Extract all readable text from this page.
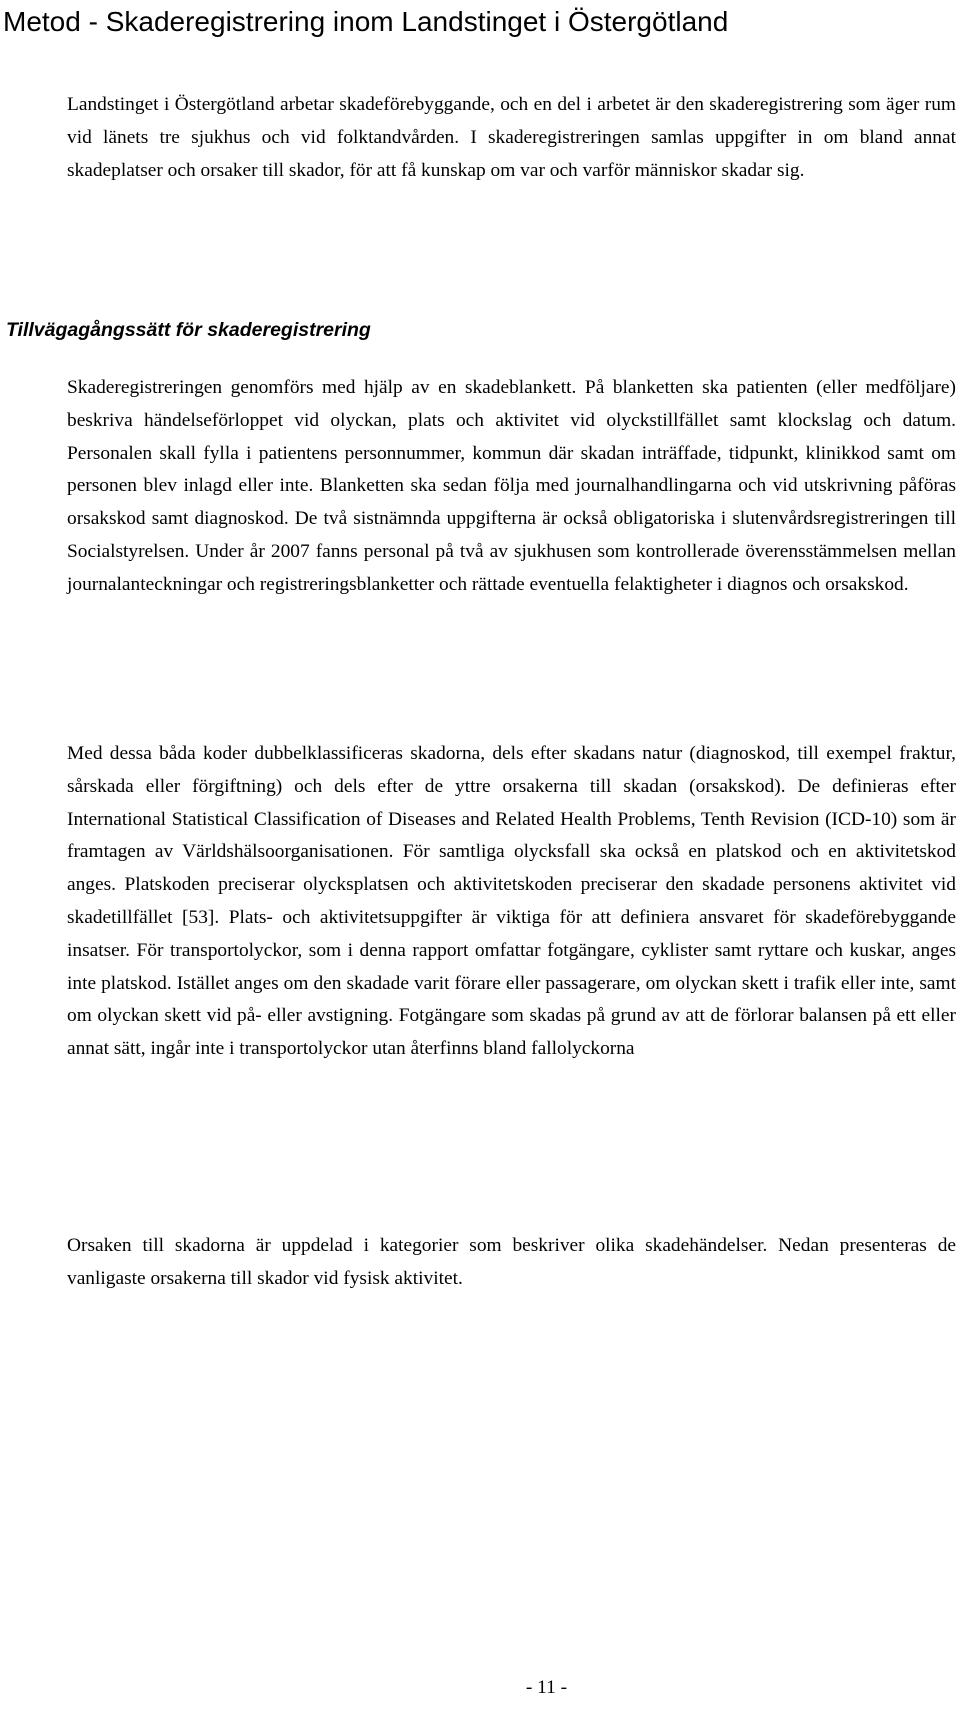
Metod - Skaderegistrering inom Landstinget i Östergötland

Landstinget i Östergötland arbetar skadeförebyggande, och en del i arbetet är den skaderegistrering som äger rum vid länets tre sjukhus och vid folktandvården. I skaderegistreringen samlas uppgifter in om bland annat skadeplatser och orsaker till skador, för att få kunskap om var och varför människor skadar sig.

Tillvägagångssätt för skaderegistrering

Skaderegistreringen genomförs med hjälp av en skadeblankett. På blanketten ska patienten (eller medföljare) beskriva händelseförloppet vid olyckan, plats och aktivitet vid olyckstillfället samt klockslag och datum. Personalen skall fylla i patientens personnummer, kommun där skadan inträffade, tidpunkt, klinikkod samt om personen blev inlagd eller inte. Blanketten ska sedan följa med journalhandlingarna och vid utskrivning påföras orsakskod samt diagnoskod. De två sistnämnda uppgifterna är också obligatoriska i slutenvårdsregistreringen till Socialstyrelsen. Under år 2007 fanns personal på två av sjukhusen som kontrollerade överensstämmelsen mellan journalanteckningar och registreringsblanketter och rättade eventuella felaktigheter i diagnos och orsakskod.

Med dessa båda koder dubbelklassificeras skadorna, dels efter skadans natur (diagnoskod, till exempel fraktur, sårskada eller förgiftning) och dels efter de yttre orsakerna till skadan (orsakskod). De definieras efter International Statistical Classification of Diseases and Related Health Problems, Tenth Revision (ICD-10) som är framtagen av Världshälsoorganisationen. För samtliga olycksfall ska också en platskod och en aktivitetskod anges. Platskoden preciserar olycksplatsen och aktivitetskoden preciserar den skadade personens aktivitet vid skadetillfället [53]. Plats- och aktivitetsuppgifter är viktiga för att definiera ansvaret för skadeförebyggande insatser. För transportolyckor, som i denna rapport omfattar fotgängare, cyklister samt ryttare och kuskar, anges inte platskod. Istället anges om den skadade varit förare eller passagerare, om olyckan skett i trafik eller inte, samt om olyckan skett vid på- eller avstigning. Fotgängare som skadas på grund av att de förlorar balansen på ett eller annat sätt, ingår inte i transportolyckor utan återfinns bland fallolyckorna

Orsaken till skadorna är uppdelad i kategorier som beskriver olika skadehändelser. Nedan presenteras de vanligaste orsakerna till skador vid fysisk aktivitet.

- 11 -
